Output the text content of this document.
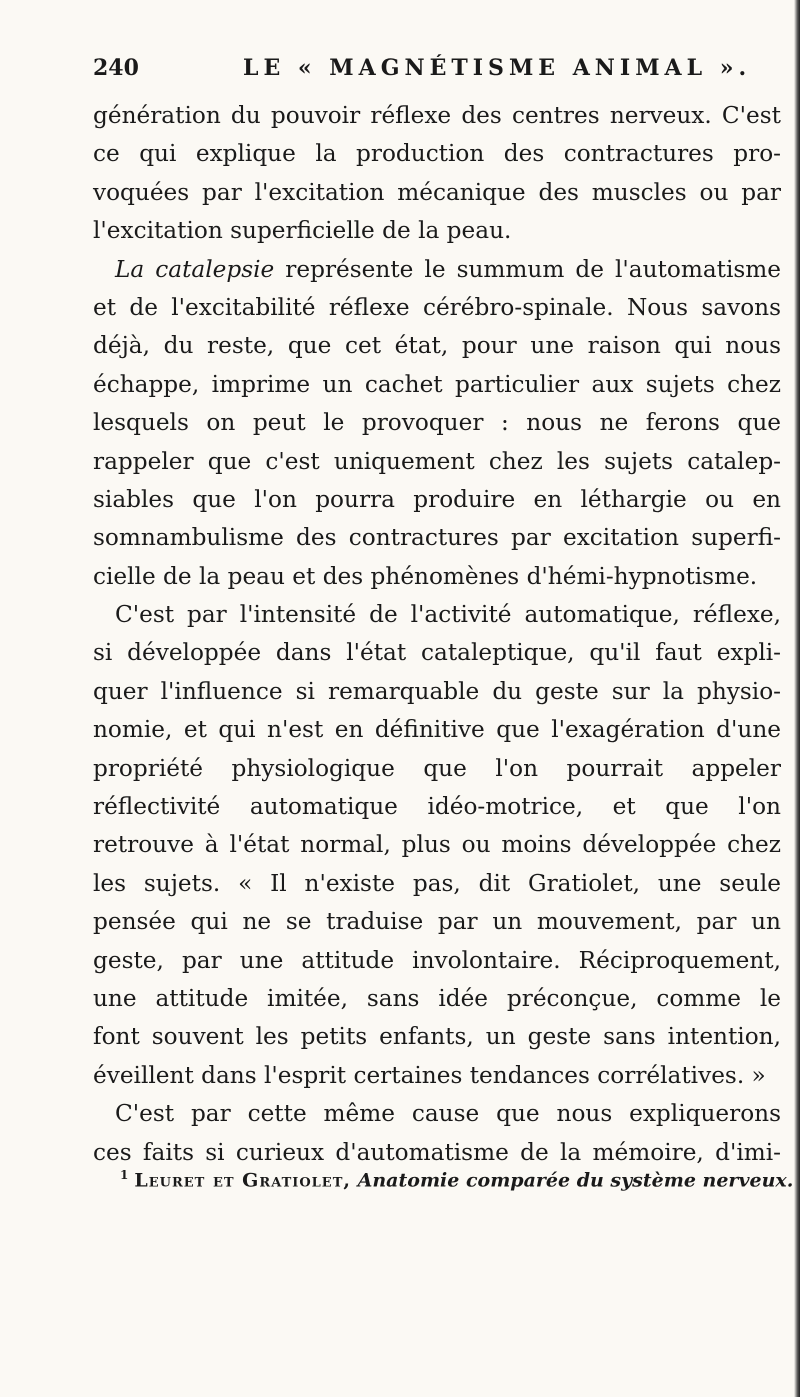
240	LE « MAGNÉTISME ANIMAL ».
génération du pouvoir réflexe des centres nerveux. C'est
ce qui explique la production des contractures pro-
voquées par l'excitation mécanique des muscles ou par
l'excitation superficielle de la peau.
La catalepsie représente le summum de l'automatisme
et de l'excitabilité réflexe cérébro-spinale. Nous savons
déjà, du reste, que cet état, pour une raison qui nous
échappe, imprime un cachet particulier aux sujets chez
lesquels on peut le provoquer : nous ne ferons que
rappeler que c'est uniquement chez les sujets catalep-
siables que l'on pourra produire en léthargie ou en
somnambulisme des contractures par excitation superfi-
cielle de la peau et des phénomènes d'hémi-hypnotisme.
C'est par l'intensité de l'activité automatique, réflexe,
si développée dans l'état cataleptique, qu'il faut expli-
quer l'influence si remarquable du geste sur la physio-
nomie, et qui n'est en définitive que l'exagération d'une
propriété physiologique que l'on pourrait appeler
réflectivité automatique idéo-motrice, et que l'on
retrouve à l'état normal, plus ou moins développée chez
les sujets. « Il n'existe pas, dit Gratiolet, une seule
pensée qui ne se traduise par un mouvement, par un
geste, par une attitude involontaire. Réciproquement,
une attitude imitée, sans idée préconçue, comme le
font souvent les petits enfants, un geste sans intention,
éveillent dans l'esprit certaines tendances corrélatives. »
C'est par cette même cause que nous expliquerons
ces faits si curieux d'automatisme de la mémoire, d'imi-
$^1$ Leuret et Gratiolet, Anatomie comparée du système nerveux.
